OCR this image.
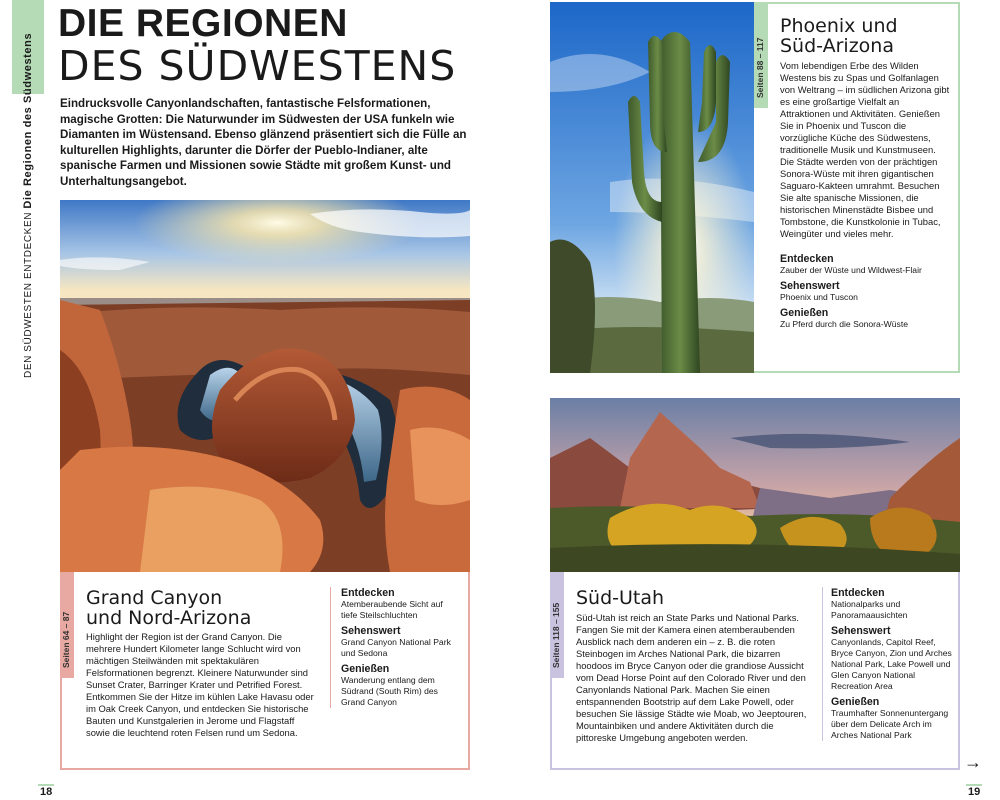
DEN SÜDWESTEN ENTDECKEN Die Regionen des Südwestens
DIE REGIONEN
DES SÜDWESTENS
Eindrucksvolle Canyonlandschaften, fantastische Felsformationen, magische Grotten: Die Naturwunder im Südwesten der USA funkeln wie Diamanten im Wüstensand. Ebenso glänzend präsentiert sich die Fülle an kulturellen Highlights, darunter die Dörfer der Pueblo-Indianer, alte spanische Farmen und Missionen sowie Städte mit großem Kunst- und Unterhaltungsangebot.
Seiten 64 – 87
Grand Canyon
und Nord-Arizona
Highlight der Region ist der Grand Canyon. Die mehrere Hundert Kilometer lange Schlucht wird von mächtigen Steilwänden mit spektakulären Felsformationen begrenzt. Kleinere Naturwunder sind Sunset Crater, Barringer Krater und Petrified Forest. Entkommen Sie der Hitze im kühlen Lake Havasu oder im Oak Creek Canyon, und entdecken Sie historische Bauten und Kunstgalerien in Jerome und Flagstaff sowie die leuchtend roten Felsen rund um Sedona.
Entdecken
Atemberaubende Sicht auf tiefe Steilschluchten
Sehenswert
Grand Canyon National Park und Sedona
Genießen
Wanderung entlang dem Südrand (South Rim) des Grand Canyon
18
Seiten 88 – 117
Phoenix und
Süd-Arizona
Vom lebendigen Erbe des Wilden Westens bis zu Spas und Golfanlagen von Weltrang – im südlichen Arizona gibt es eine großartige Vielfalt an Attraktionen und Aktivitäten. Genießen Sie in Phoenix und Tuscon die vorzügliche Küche des Südwestens, traditionelle Musik und Kunstmuseen. Die Städte werden von der prächtigen Sonora-Wüste mit ihren gigantischen Saguaro-Kakteen umrahmt. Besuchen Sie alte spanische Missionen, die historischen Minenstädte Bisbee und Tombstone, die Kunstkolonie in Tubac, Weingüter und vieles mehr.
Entdecken
Zauber der Wüste und Wildwest-Flair
Sehenswert
Phoenix und Tuscon
Genießen
Zu Pferd durch die Sonora-Wüste
Seiten 118 – 155
Süd-Utah
Süd-Utah ist reich an State Parks und National Parks. Fangen Sie mit der Kamera einen atemberaubenden Ausblick nach dem anderen ein – z. B. die roten Steinbogen im Arches National Park, die bizarren hoodoos im Bryce Canyon oder die grandiose Aussicht vom Dead Horse Point auf den Colorado River und den Canyonlands National Park. Machen Sie einen entspannenden Bootstrip auf dem Lake Powell, oder besuchen Sie lässige Städte wie Moab, wo Jeeptouren, Mountainbiken und andere Aktivitäten durch die pittoreske Umgebung angeboten werden.
Entdecken
Nationalparks und Panoramaausichten
Sehenswert
Canyonlands, Capitol Reef, Bryce Canyon, Zion und Arches National Park, Lake Powell und Glen Canyon National Recreation Area
Genießen
Traumhafter Sonnenuntergang über dem Delicate Arch im Arches National Park
→
19
